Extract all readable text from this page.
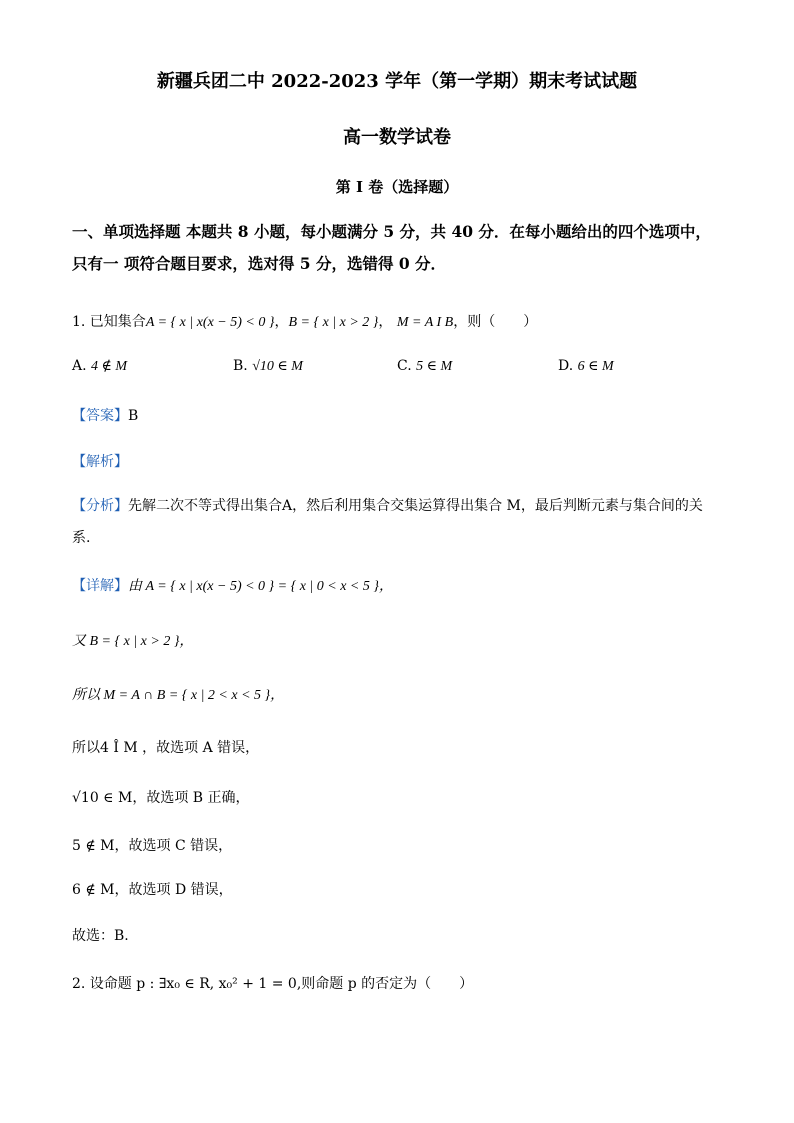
新疆兵团二中 2022-2023 学年（第一学期）期末考试试题
高一数学试卷
第 Ⅰ 卷（选择题）
一、单项选择题 本题共 8 小题，每小题满分 5 分，共 40 分．在每小题给出的四个选项中，
只有一 项符合题目要求，选对得 5 分，选错得 0 分．
1. 已知集合A = { x | x(x − 5) < 0 }，B = { x | x > 2 }， M = A I B，则（　　）
A. 4 ∉ M	B. √10 ∈ M	C. 5 ∈ M	D. 6 ∈ M
【答案】B
【解析】
【分析】先解二次不等式得出集合A，然后利用集合交集运算得出集合 M，最后判断元素与集合间的关
系.
【详解】由 A = { x | x(x − 5) < 0 } = { x | 0 < x < 5 }，
又 B = { x | x > 2 }，
所以 M = A ∩ B = { x | 2 < x < 5 }，
所以4 Î M ，故选项 A 错误，
√10 ∈ M，故选项 B 正确，
5 ∉ M，故选项 C 错误，
6 ∉ M，故选项 D 错误，
故选：B.
2. 设命题 p : ∃x₀ ∈ R, x₀² + 1 = 0,则命题 p 的否定为（　　）
